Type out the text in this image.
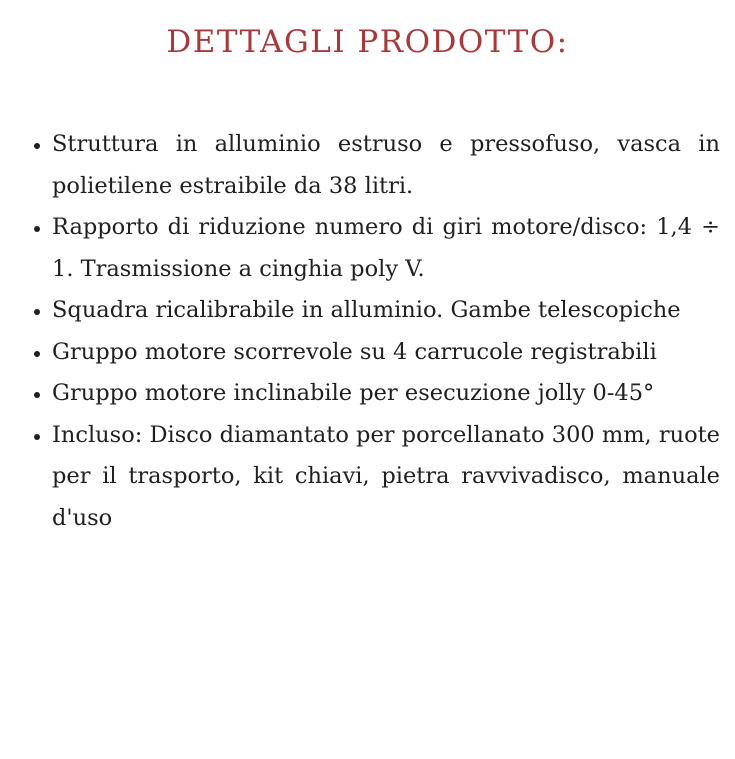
DETTAGLI PRODOTTO:
• Struttura in alluminio estruso e pressofuso, vasca in polietilene estraibile da 38 litri.
• Rapporto di riduzione numero di giri motore/disco: 1,4 ÷ 1. Trasmissione a cinghia poly V.
• Squadra ricalibrabile in alluminio. Gambe telescopiche
• Gruppo motore scorrevole su 4 carrucole registrabili
• Gruppo motore inclinabile per esecuzione jolly 0-45°
• Incluso: Disco diamantato per porcellanato 300 mm, ruote per il trasporto, kit chiavi, pietra ravvivadisco, manuale d'uso
